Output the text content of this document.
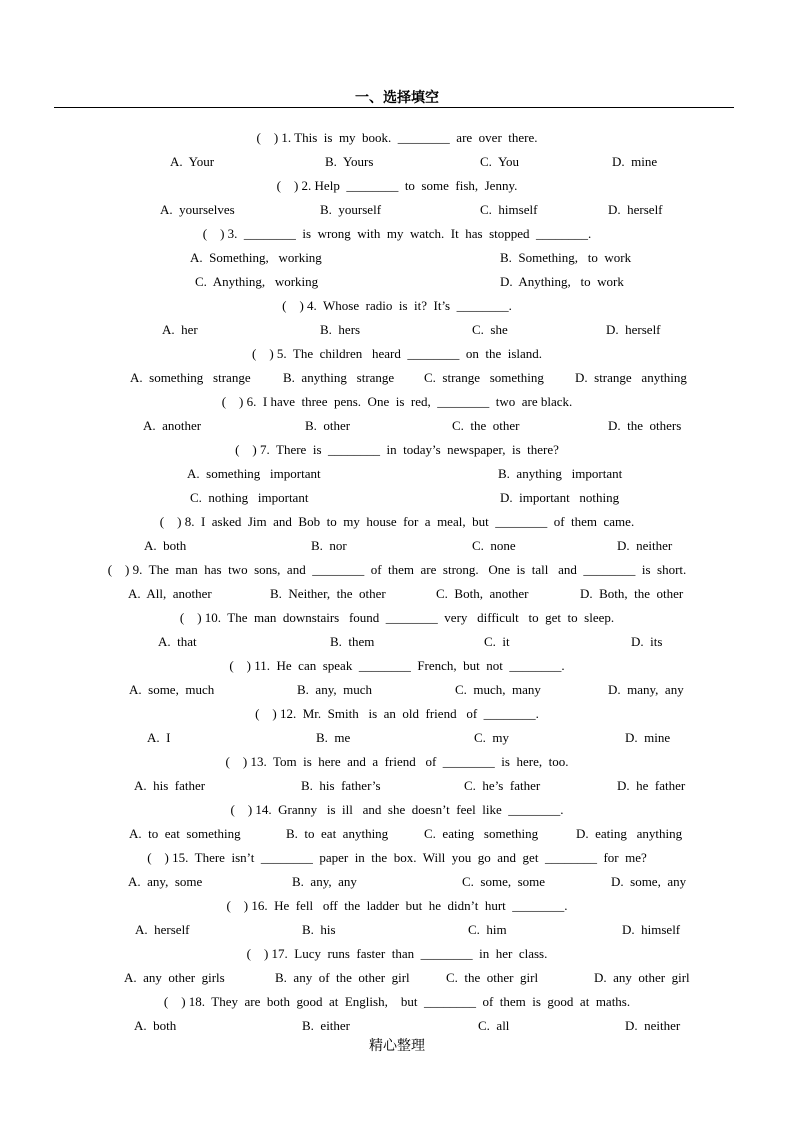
一、选择填空
(    ) 1. This  is  my  book.  ________  are  over  there.
A.  Your	B.  Yours	C.  You	D.  mine
(    ) 2. Help  ________  to  some  fish,  Jenny.
A.  yourselves	B.  yourself	C.  himself	D.  herself
(    ) 3.  ________  is  wrong  with  my  watch.  It  has  stopped  ________.
A.  Something,   working	B.  Something,   to  work
C.  Anything,   working	D.  Anything,   to  work
(    ) 4.  Whose  radio  is  it?  It’s  ________.
A.  her	B.  hers	C.  she	D.  herself
(    ) 5.  The  children   heard  ________  on  the  island.
A.  something   strange B.  anything   strange C.  strange   something D.  strange   anything
(    ) 6.  I have  three  pens.  One  is  red,  ________  two  are black.
A.  another	B.  other	C.  the  other	D.  the  others
(    ) 7.  There  is  ________  in  today’s  newspaper,  is  there?
A.  something   important	B.  anything   important
C.  nothing   important	D.  important   nothing
(    ) 8.  I  asked  Jim  and  Bob  to  my  house  for  a  meal,  but  ________  of  them  came.
A.  both	B.  nor	C.  none	D.  neither
(    ) 9.  The  man  has  two  sons,  and  ________  of  them  are  strong.   One  is  tall   and  ________  is  short.
A.  All,  another	B.  Neither,  the  other	C.  Both,  another	D.  Both,  the  other
(    ) 10.  The  man  downstairs   found  ________  very   difficult   to  get  to  sleep.
A.  that	B.  them	C.  it	D.  its
(    ) 11.  He  can  speak  ________  French,  but  not  ________.
A.  some,  much	B.  any,  much	C.  much,  many	D.  many,  any
(    ) 12.  Mr.  Smith   is  an  old  friend   of  ________.
A.  I	B.  me	C.  my	D.  mine
(    ) 13.  Tom  is  here  and  a  friend   of  ________  is  here,  too.
A.  his  father	B.  his  father’s	C.  he’s  father	D.  he  father
(    ) 14.  Granny   is  ill   and  she  doesn’t  feel  like  ________.
A.  to  eat  something	B.  to  eat  anything	C.  eating   something	D.  eating   anything
(    ) 15.  There  isn’t  ________  paper  in  the  box.  Will  you  go  and  get  ________  for  me?
A.  any,  some	B.  any,  any	C.  some,  some	D.  some,  any
(    ) 16.  He  fell   off  the  ladder  but  he  didn’t  hurt  ________.
A.  herself	B.  his	C.  him	D.  himself
(    ) 17.  Lucy  runs  faster  than  ________  in  her  class.
A.  any  other  girls	B.  any  of  the  other  girl	C.  the  other  girl	D.  any  other  girl
(    ) 18.  They  are  both  good  at  English,    but  ________  of  them  is  good  at  maths.
A.  both	B.  either	C.  all	D.  neither
精心整理
